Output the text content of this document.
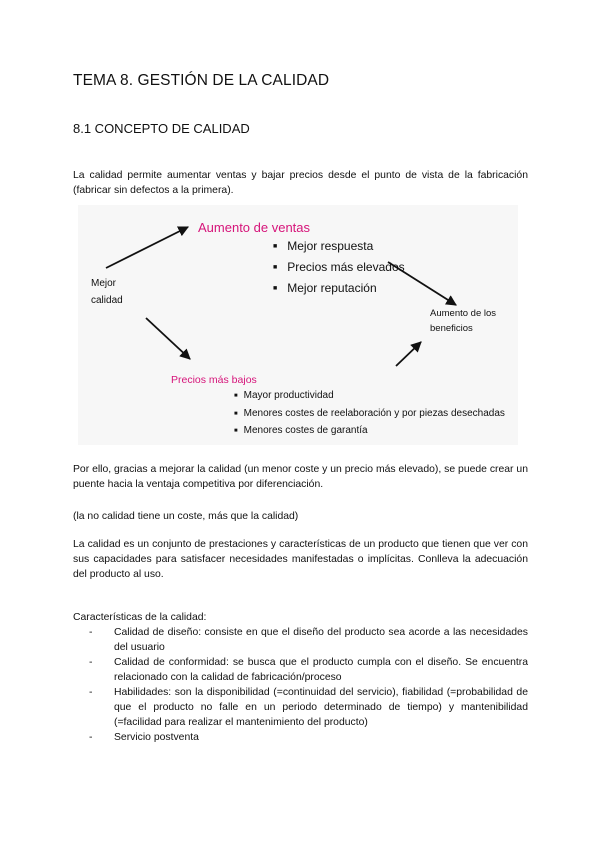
TEMA 8. GESTIÓN DE LA CALIDAD
8.1 CONCEPTO DE CALIDAD

La calidad permite aumentar ventas y bajar precios desde el punto de vista de la fabricación (fabricar sin defectos a la primera).

Mejor calidad
Aumento de ventas
■ Mejor respuesta
■ Precios más elevados
■ Mejor reputación
Precios más bajos
■ Mayor productividad
■ Menores costes de reelaboración y por piezas desechadas
■ Menores costes de garantía
Aumento de los beneficios

Por ello, gracias a mejorar la calidad (un menor coste y un precio más elevado), se puede crear un puente hacia la ventaja competitiva por diferenciación.

(la no calidad tiene un coste, más que la calidad)

La calidad es un conjunto de prestaciones y características de un producto que tienen que ver con sus capacidades para satisfacer necesidades manifestadas o implícitas. Conlleva la adecuación del producto al uso.

Características de la calidad:

- Calidad de diseño: consiste en que el diseño del producto sea acorde a las necesidades del usuario
- Calidad de conformidad: se busca que el producto cumpla con el diseño. Se encuentra relacionado con la calidad de fabricación/proceso
- Habilidades: son la disponibilidad (=continuidad del servicio), fiabilidad (=probabilidad de que el producto no falle en un periodo determinado de tiempo) y mantenibilidad (=facilidad para realizar el mantenimiento del producto)
- Servicio postventa
